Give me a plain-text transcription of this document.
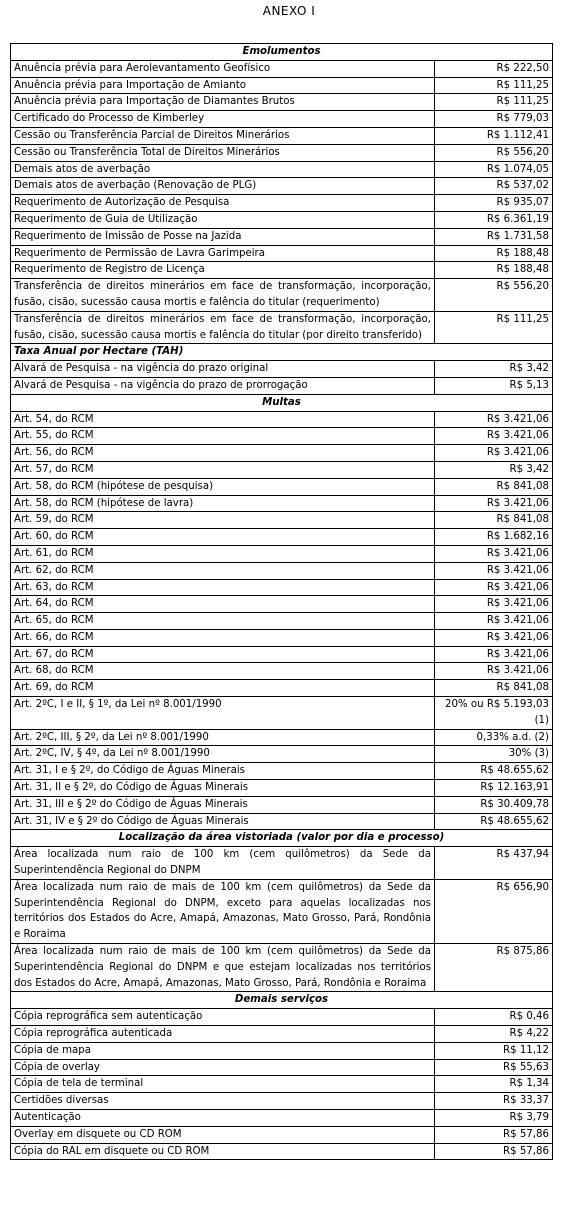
ANEXO I
Emolumentos	
Anuência prévia para Aerolevantamento Geofísico	R$ 222,50
Anuência prévia para Importação de Amianto	R$ 111,25
Anuência prévia para Importação de Diamantes Brutos	R$ 111,25
Certificado do Processo de Kimberley	R$ 779,03
Cessão ou Transferência Parcial de Direitos Minerários	R$ 1.112,41
Cessão ou Transferência Total de Direitos Minerários	R$ 556,20
Demais atos de averbação	R$ 1.074,05
Demais atos de averbação (Renovação de PLG)	R$ 537,02
Requerimento de Autorização de Pesquisa	R$ 935,07
Requerimento de Guia de Utilização	R$ 6.361,19
Requerimento de Imissão de Posse na Jazida	R$ 1.731,58
Requerimento de Permissão de Lavra Garimpeira	R$ 188,48
Requerimento de Registro de Licença	R$ 188,48
Transferência de direitos minerários em face de transformação, incorporação, fusão, cisão, sucessão causa mortis e falência do titular (requerimento)	R$ 556,20
Transferência de direitos minerários em face de transformação, incorporação, fusão, cisão, sucessão causa mortis e falência do titular (por direito transferido)	R$ 111,25
Taxa Anual por Hectare (TAH)	
Alvará de Pesquisa - na vigência do prazo original	R$ 3,42
Alvará de Pesquisa - na vigência do prazo de prorrogação	R$ 5,13
Multas	
Art. 54, do RCM	R$ 3.421,06
Art. 55, do RCM	R$ 3.421,06
Art. 56, do RCM	R$ 3.421,06
Art. 57, do RCM	R$ 3,42
Art. 58, do RCM (hipótese de pesquisa)	R$ 841,08
Art. 58, do RCM (hipótese de lavra)	R$ 3.421,06
Art. 59, do RCM	R$ 841,08
Art. 60, do RCM	R$ 1.682,16
Art. 61, do RCM	R$ 3.421,06
Art. 62, do RCM	R$ 3.421,06
Art. 63, do RCM	R$ 3.421,06
Art. 64, do RCM	R$ 3.421,06
Art. 65, do RCM	R$ 3.421,06
Art. 66, do RCM	R$ 3.421,06
Art. 67, do RCM	R$ 3.421,06
Art. 68, do RCM	R$ 3.421,06
Art. 69, do RCM	R$ 841,08
Art. 2ºC, I e II, § 1º, da Lei nº 8.001/1990	20% ou R$ 5.193,03 (1)
Art. 2ºC, III, § 2º, da Lei nº 8.001/1990	0,33% a.d. (2)
Art. 2ºC, IV, § 4º, da Lei nº 8.001/1990	30% (3)
Art. 31, I e § 2º, do Código de Águas Minerais	R$ 48.655,62
Art. 31, II e § 2º, do Código de Águas Minerais	R$ 12.163,91
Art. 31, III e § 2º do Código de Águas Minerais	R$ 30.409,78
Art. 31, IV e § 2º do Código de Águas Minerais	R$ 48.655,62
Localização da área vistoriada (valor por dia e processo)	
Área localizada num raio de 100 km (cem quilômetros) da Sede da Superintendência Regional do DNPM	R$ 437,94
Área localizada num raio de mais de 100 km (cem quilômetros) da Sede da Superintendência Regional do DNPM, exceto para aquelas localizadas nos territórios dos Estados do Acre, Amapá, Amazonas, Mato Grosso, Pará, Rondônia e Roraima	R$ 656,90
Área localizada num raio de mais de 100 km (cem quilômetros) da Sede da Superintendência Regional do DNPM e que estejam localizadas nos territórios dos Estados do Acre, Amapá, Amazonas, Mato Grosso, Pará, Rondônia e Roraima	R$ 875,86
Demais serviços	
Cópia reprográfica sem autenticação	R$ 0,46
Cópia reprográfica autenticada	R$ 4,22
Cópia de mapa	R$ 11,12
Cópia de overlay	R$ 55,63
Cópia de tela de terminal	R$ 1,34
Certidões diversas	R$ 33,37
Autenticação	R$ 3,79
Overlay em disquete ou CD ROM	R$ 57,86
Cópia do RAL em disquete ou CD ROM	R$ 57,86
